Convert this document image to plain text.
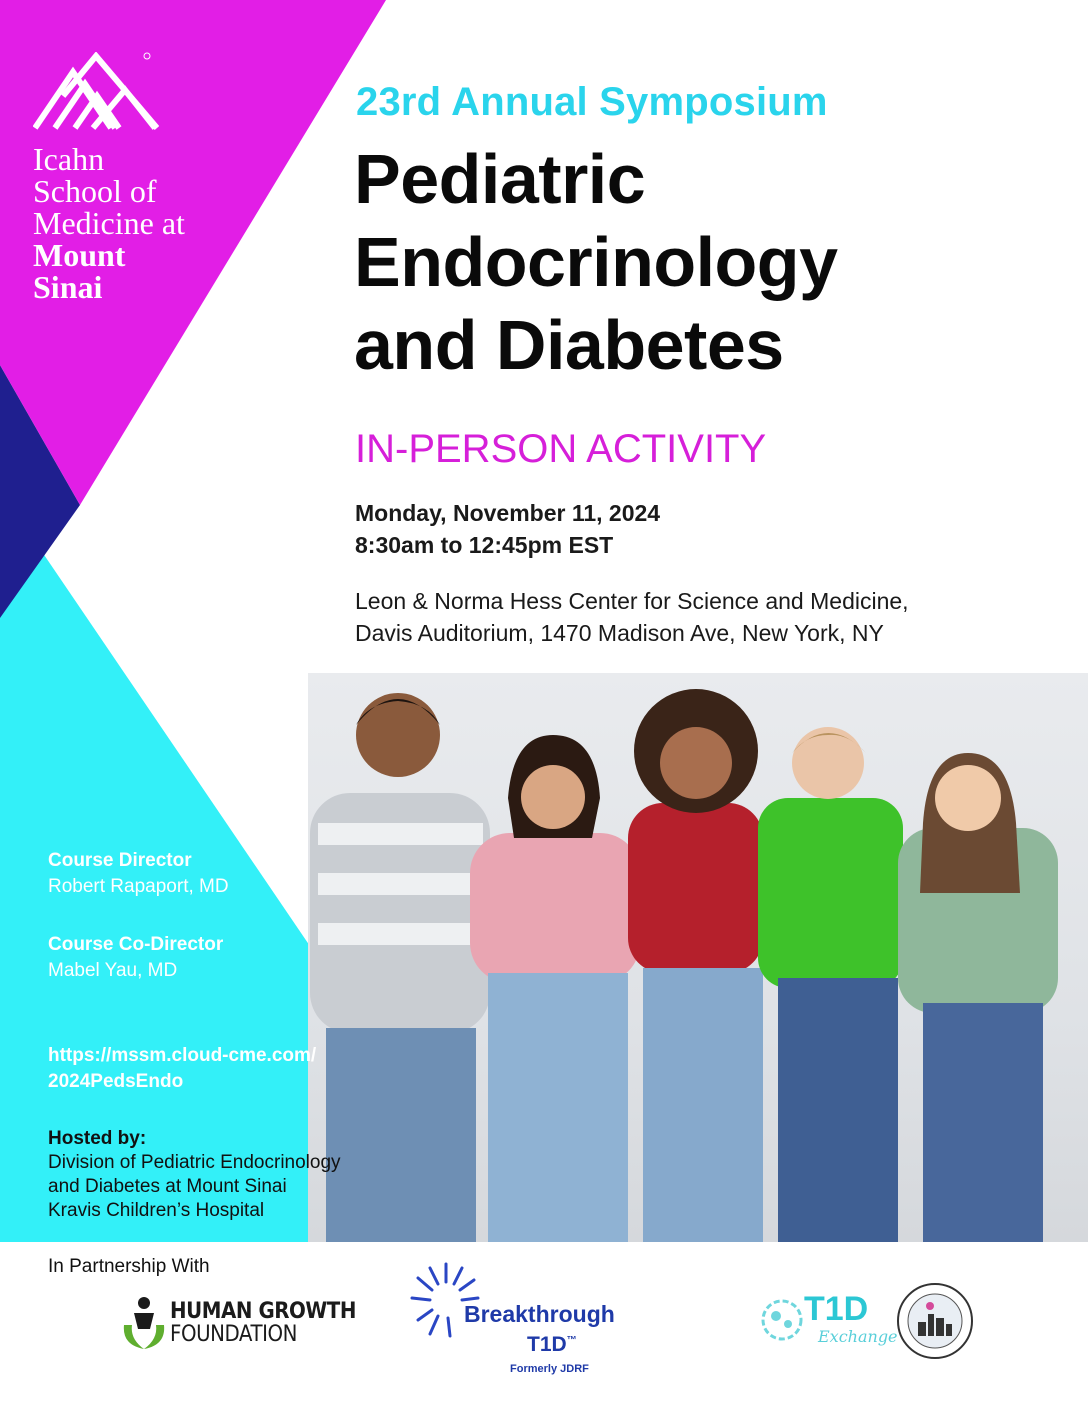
Icahn
School of
Medicine at
Mount
Sinai
23rd Annual Symposium
Pediatric
Endocrinology
and Diabetes
IN-PERSON ACTIVITY
Monday, November 11, 2024
8:30am to 12:45pm EST
Leon & Norma Hess Center for Science and Medicine,
Davis Auditorium, 1470 Madison Ave, New York, NY
Course Director
Robert Rapaport, MD
Course Co-Director
Mabel Yau, MD
https://mssm.cloud-cme.com/
2024PedsEndo
Hosted by:
Division of Pediatric Endocrinology
and Diabetes at Mount Sinai
Kravis Children’s Hospital
In Partnership With
HUMAN GROWTH
FOUNDATION
Breakthrough
T1D™
Formerly JDRF
T1D
Exchange
